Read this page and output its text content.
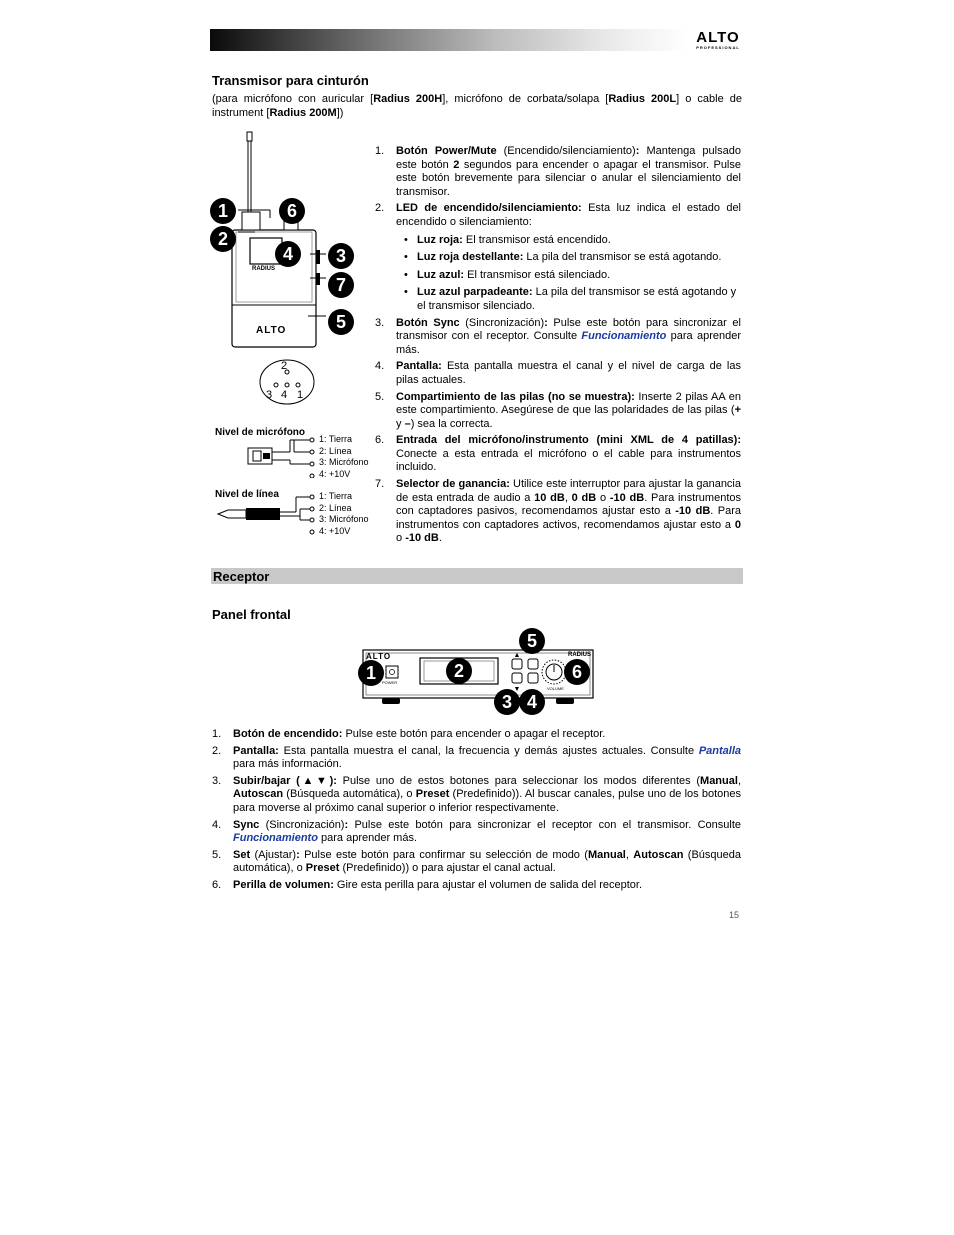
ALTO
PROFESSIONAL
Transmisor para cinturón
(para micrófono con auricular [Radius 200H], micrófono de corbata/solapa [Radius 200L] o cable de instrument [Radius 200M])
RADIUS
ALTO
1	6
2
4 3
7
5
2
3 4 1
Nivel de micrófono
1: Tierra
2: Línea
3: Micrófono
4: +10V
Nivel de línea	1: Tierra
2: Línea
3: Micrófono
4: +10V
1. Botón Power/Mute (Encendido/silenciamiento): Mantenga pulsado este botón 2 segundos para encender o apagar el transmisor. Pulse este botón brevemente para silenciar o anular el silenciamiento del transmisor.
2. LED de encendido/silenciamiento: Esta luz indica el estado del encendido o silenciamiento:
• Luz roja: El transmisor está encendido.
• Luz roja destellante: La pila del transmisor se está agotando.
• Luz azul: El transmisor está silenciado.
• Luz azul parpadeante: La pila del transmisor se está agotando y el transmisor silenciado.
3. Botón Sync (Sincronización): Pulse este botón para sincronizar el transmisor con el receptor. Consulte Funcionamiento para aprender más.
4. Pantalla: Esta pantalla muestra el canal y el nivel de carga de las pilas actuales.
5. Compartimiento de las pilas (no se muestra): Inserte 2 pilas AA en este compartimiento. Asegúrese de que las polaridades de las pilas (+ y –) sea la correcta.
6. Entrada del micrófono/instrumento (mini XML de 4 patillas): Conecte a esta entrada el micrófono o el cable para instrumentos incluido.
7. Selector de ganancia: Utilice este interruptor para ajustar la ganancia de esta entrada de audio a 10 dB, 0 dB o -10 dB. Para instrumentos con captadores pasivos, recomendamos ajustar esto a -10 dB. Para instrumentos con captadores activos, recomendamos ajustar esto a 0 o -10 dB.
Receptor
Panel frontal
▲
▼
ALTO	RADIUS
POWER
VOLUME
1	2
3 4
5
6
1. Botón de encendido: Pulse este botón para encender o apagar el receptor.
2. Pantalla: Esta pantalla muestra el canal, la frecuencia y demás ajustes actuales. Consulte Pantalla para más información.
3. Subir/bajar (▲▼): Pulse uno de estos botones para seleccionar los modos diferentes (Manual, Autoscan (Búsqueda automática), o Preset (Predefinido)). Al buscar canales, pulse uno de los botones para moverse al próximo canal superior o inferior respectivamente.
4. Sync (Sincronización): Pulse este botón para sincronizar el receptor con el transmisor. Consulte Funcionamiento para aprender más.
5. Set (Ajustar): Pulse este botón para confirmar su selección de modo (Manual, Autoscan (Búsqueda automática), o Preset (Predefinido)) o para ajustar el canal actual.
6. Perilla de volumen: Gire esta perilla para ajustar el volumen de salida del receptor.
15
